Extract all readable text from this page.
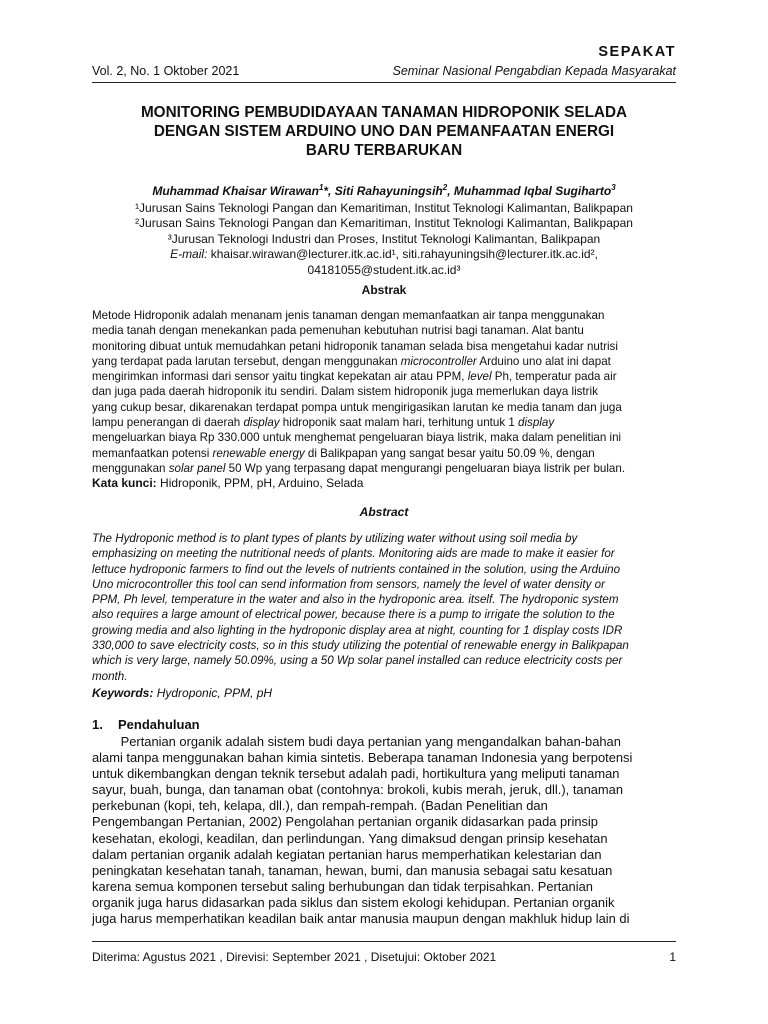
SEPAKAT
Vol. 2, No. 1 Oktober 2021	Seminar Nasional Pengabdian Kepada Masyarakat
MONITORING PEMBUDIDAYAAN TANAMAN HIDROPONIK SELADA
DENGAN SISTEM ARDUINO UNO DAN PEMANFAATAN ENERGI
BARU TERBARUKAN
Muhammad Khaisar Wirawan$^1$*, Siti Rahayuningsih$^2$, Muhammad Iqbal Sugiharto$^3$
¹Jurusan Sains Teknologi Pangan dan Kemaritiman, Institut Teknologi Kalimantan, Balikpapan
²Jurusan Sains Teknologi Pangan dan Kemaritiman, Institut Teknologi Kalimantan, Balikpapan
³Jurusan Teknologi Industri dan Proses, Institut Teknologi Kalimantan, Balikpapan
E-mail: khaisar.wirawan@lecturer.itk.ac.id¹, siti.rahayuningsih@lecturer.itk.ac.id²,
04181055@student.itk.ac.id³
Abstrak
Metode Hidroponik adalah menanam jenis tanaman dengan memanfaatkan air tanpa menggunakan
media tanah dengan menekankan pada pemenuhan kebutuhan nutrisi bagi tanaman. Alat bantu
monitoring dibuat untuk memudahkan petani hidroponik tanaman selada bisa mengetahui kadar nutrisi
yang terdapat pada larutan tersebut, dengan menggunakan microcontroller Arduino uno alat ini dapat
mengirimkan informasi dari sensor yaitu tingkat kepekatan air atau PPM, level Ph, temperatur pada air
dan juga pada daerah hidroponik itu sendiri. Dalam sistem hidroponik juga memerlukan daya listrik
yang cukup besar, dikarenakan terdapat pompa untuk mengirigasikan larutan ke media tanam dan juga
lampu penerangan di daerah display hidroponik saat malam hari, terhitung untuk 1 display
mengeluarkan biaya Rp 330.000 untuk menghemat pengeluaran biaya listrik, maka dalam penelitian ini
memanfaatkan potensi renewable energy di Balikpapan yang sangat besar yaitu 50.09 %, dengan
menggunakan solar panel 50 Wp yang terpasang dapat mengurangi pengeluaran biaya listrik per bulan.
Kata kunci: Hidroponik, PPM, pH, Arduino, Selada
Abstract
The Hydroponic method is to plant types of plants by utilizing water without using soil media by
emphasizing on meeting the nutritional needs of plants. Monitoring aids are made to make it easier for
lettuce hydroponic farmers to find out the levels of nutrients contained in the solution, using the Arduino
Uno microcontroller this tool can send information from sensors, namely the level of water density or
PPM, Ph level, temperature in the water and also in the hydroponic area. itself. The hydroponic system
also requires a large amount of electrical power, because there is a pump to irrigate the solution to the
growing media and also lighting in the hydroponic display area at night, counting for 1 display costs IDR
330,000 to save electricity costs, so in this study utilizing the potential of renewable energy in Balikpapan
which is very large, namely 50.09%, using a 50 Wp solar panel installed can reduce electricity costs per
month.
Keywords: Hydroponic, PPM, pH
1. Pendahuluan
Pertanian organik adalah sistem budi daya pertanian yang mengandalkan bahan-bahan
alami tanpa menggunakan bahan kimia sintetis. Beberapa tanaman Indonesia yang berpotensi
untuk dikembangkan dengan teknik tersebut adalah padi, hortikultura yang meliputi tanaman
sayur, buah, bunga, dan tanaman obat (contohnya: brokoli, kubis merah, jeruk, dll.), tanaman
perkebunan (kopi, teh, kelapa, dll.), dan rempah-rempah. (Badan Penelitian dan
Pengembangan Pertanian, 2002) Pengolahan pertanian organik didasarkan pada prinsip
kesehatan, ekologi, keadilan, dan perlindungan. Yang dimaksud dengan prinsip kesehatan
dalam pertanian organik adalah kegiatan pertanian harus memperhatikan kelestarian dan
peningkatan kesehatan tanah, tanaman, hewan, bumi, dan manusia sebagai satu kesatuan
karena semua komponen tersebut saling berhubungan dan tidak terpisahkan. Pertanian
organik juga harus didasarkan pada siklus dan sistem ekologi kehidupan. Pertanian organik
juga harus memperhatikan keadilan baik antar manusia maupun dengan makhluk hidup lain di
Diterima: Agustus 2021 , Direvisi: September 2021 , Disetujui: Oktober 2021	1
